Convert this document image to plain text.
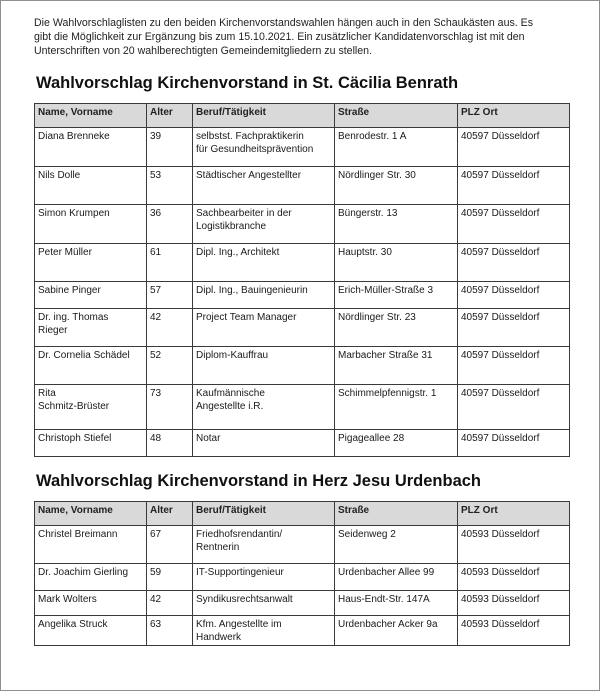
Die Wahlvorschlaglisten zu den beiden Kirchenvorstandswahlen hängen auch in den Schaukästen aus. Es
gibt die Möglichkeit zur Ergänzung bis zum 15.10.2021. Ein zusätzlicher Kandidatenvorschlag ist mit den
Unterschriften von 20 wahlberechtigten Gemeindemitgliedern zu stellen.

Wahlvorschlag Kirchenvorstand in St. Cäcilia Benrath
Name, Vorname	Alter	Beruf/Tätigkeit	Straße	PLZ Ort
Diana Brenneke	39	selbstst. Fachpraktikerin
für Gesundheitsprävention	Benrodestr. 1 A	40597 Düsseldorf
Nils Dolle	53	Städtischer Angestellter	Nördlinger Str. 30	40597 Düsseldorf
Simon Krumpen	36	Sachbearbeiter in der
Logistikbranche	Büngerstr. 13	40597 Düsseldorf
Peter Müller	61	Dipl. Ing., Architekt	Hauptstr. 30	40597 Düsseldorf
Sabine Pinger	57	Dipl. Ing., Bauingenieurin	Erich-Müller-Straße 3	40597 Düsseldorf
Dr. ing. Thomas
Rieger	42	Project Team Manager	Nördlinger Str. 23	40597 Düsseldorf
Dr. Cornelia Schädel	52	Diplom-Kauffrau	Marbacher Straße 31	40597 Düsseldorf
Rita
Schmitz-Brüster	73	Kaufmännische
Angestellte i.R.	Schimmelpfennigstr. 1	40597 Düsseldorf
Christoph Stiefel	48	Notar	Pigageallee 28	40597 Düsseldorf
Wahlvorschlag Kirchenvorstand in Herz Jesu Urdenbach
Name, Vorname	Alter	Beruf/Tätigkeit	Straße	PLZ Ort
Christel Breimann	67	Friedhofsrendantin/
Rentnerin	Seidenweg 2	40593 Düsseldorf
Dr. Joachim Gierling	59	IT-Supportingenieur	Urdenbacher Allee 99	40593 Düsseldorf
Mark Wolters	42	Syndikusrechtsanwalt	Haus-Endt-Str. 147A	40593 Düsseldorf
Angelika Struck	63	Kfm. Angestellte im
Handwerk	Urdenbacher Acker 9a	40593 Düsseldorf
